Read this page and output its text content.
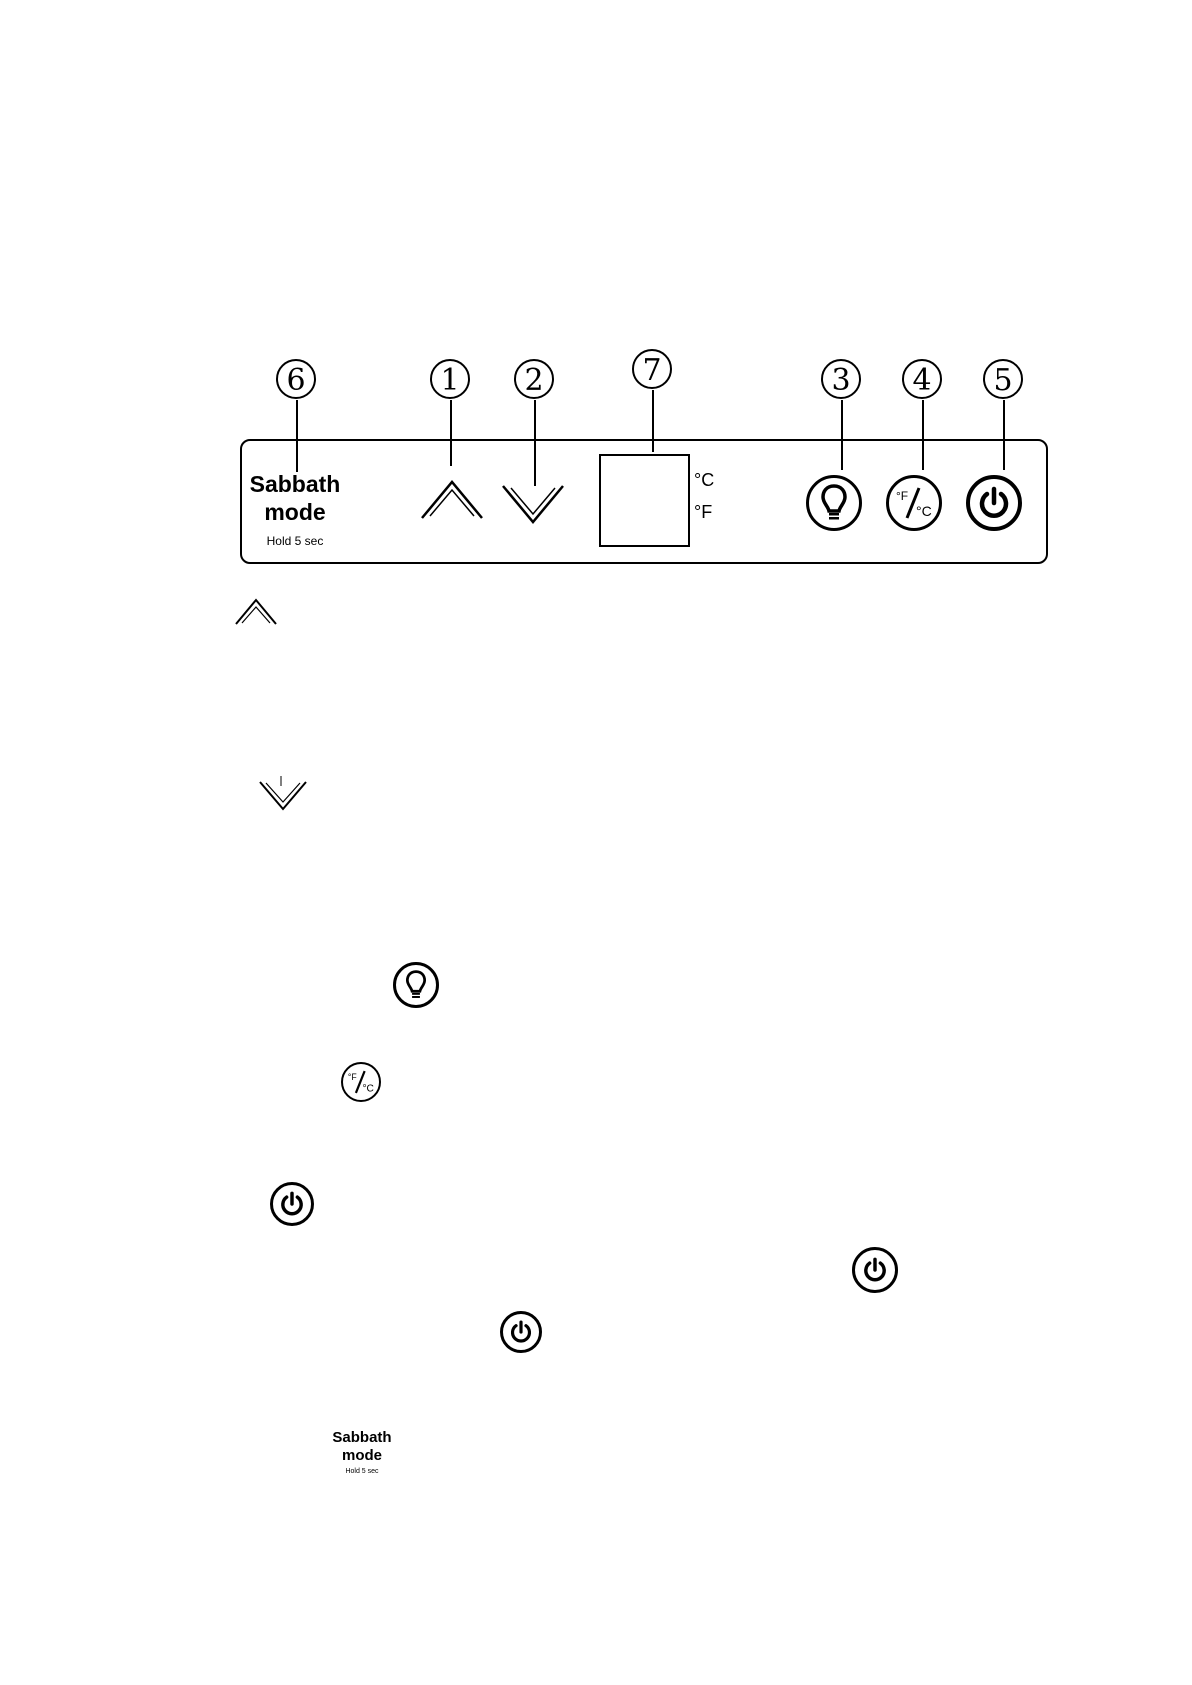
6	1	2	7	3	4	5
Sabbath
mode
Hold 5 sec
°C
°F
°F
°C
°F
°C
Sabbath
mode
Hold 5 sec
